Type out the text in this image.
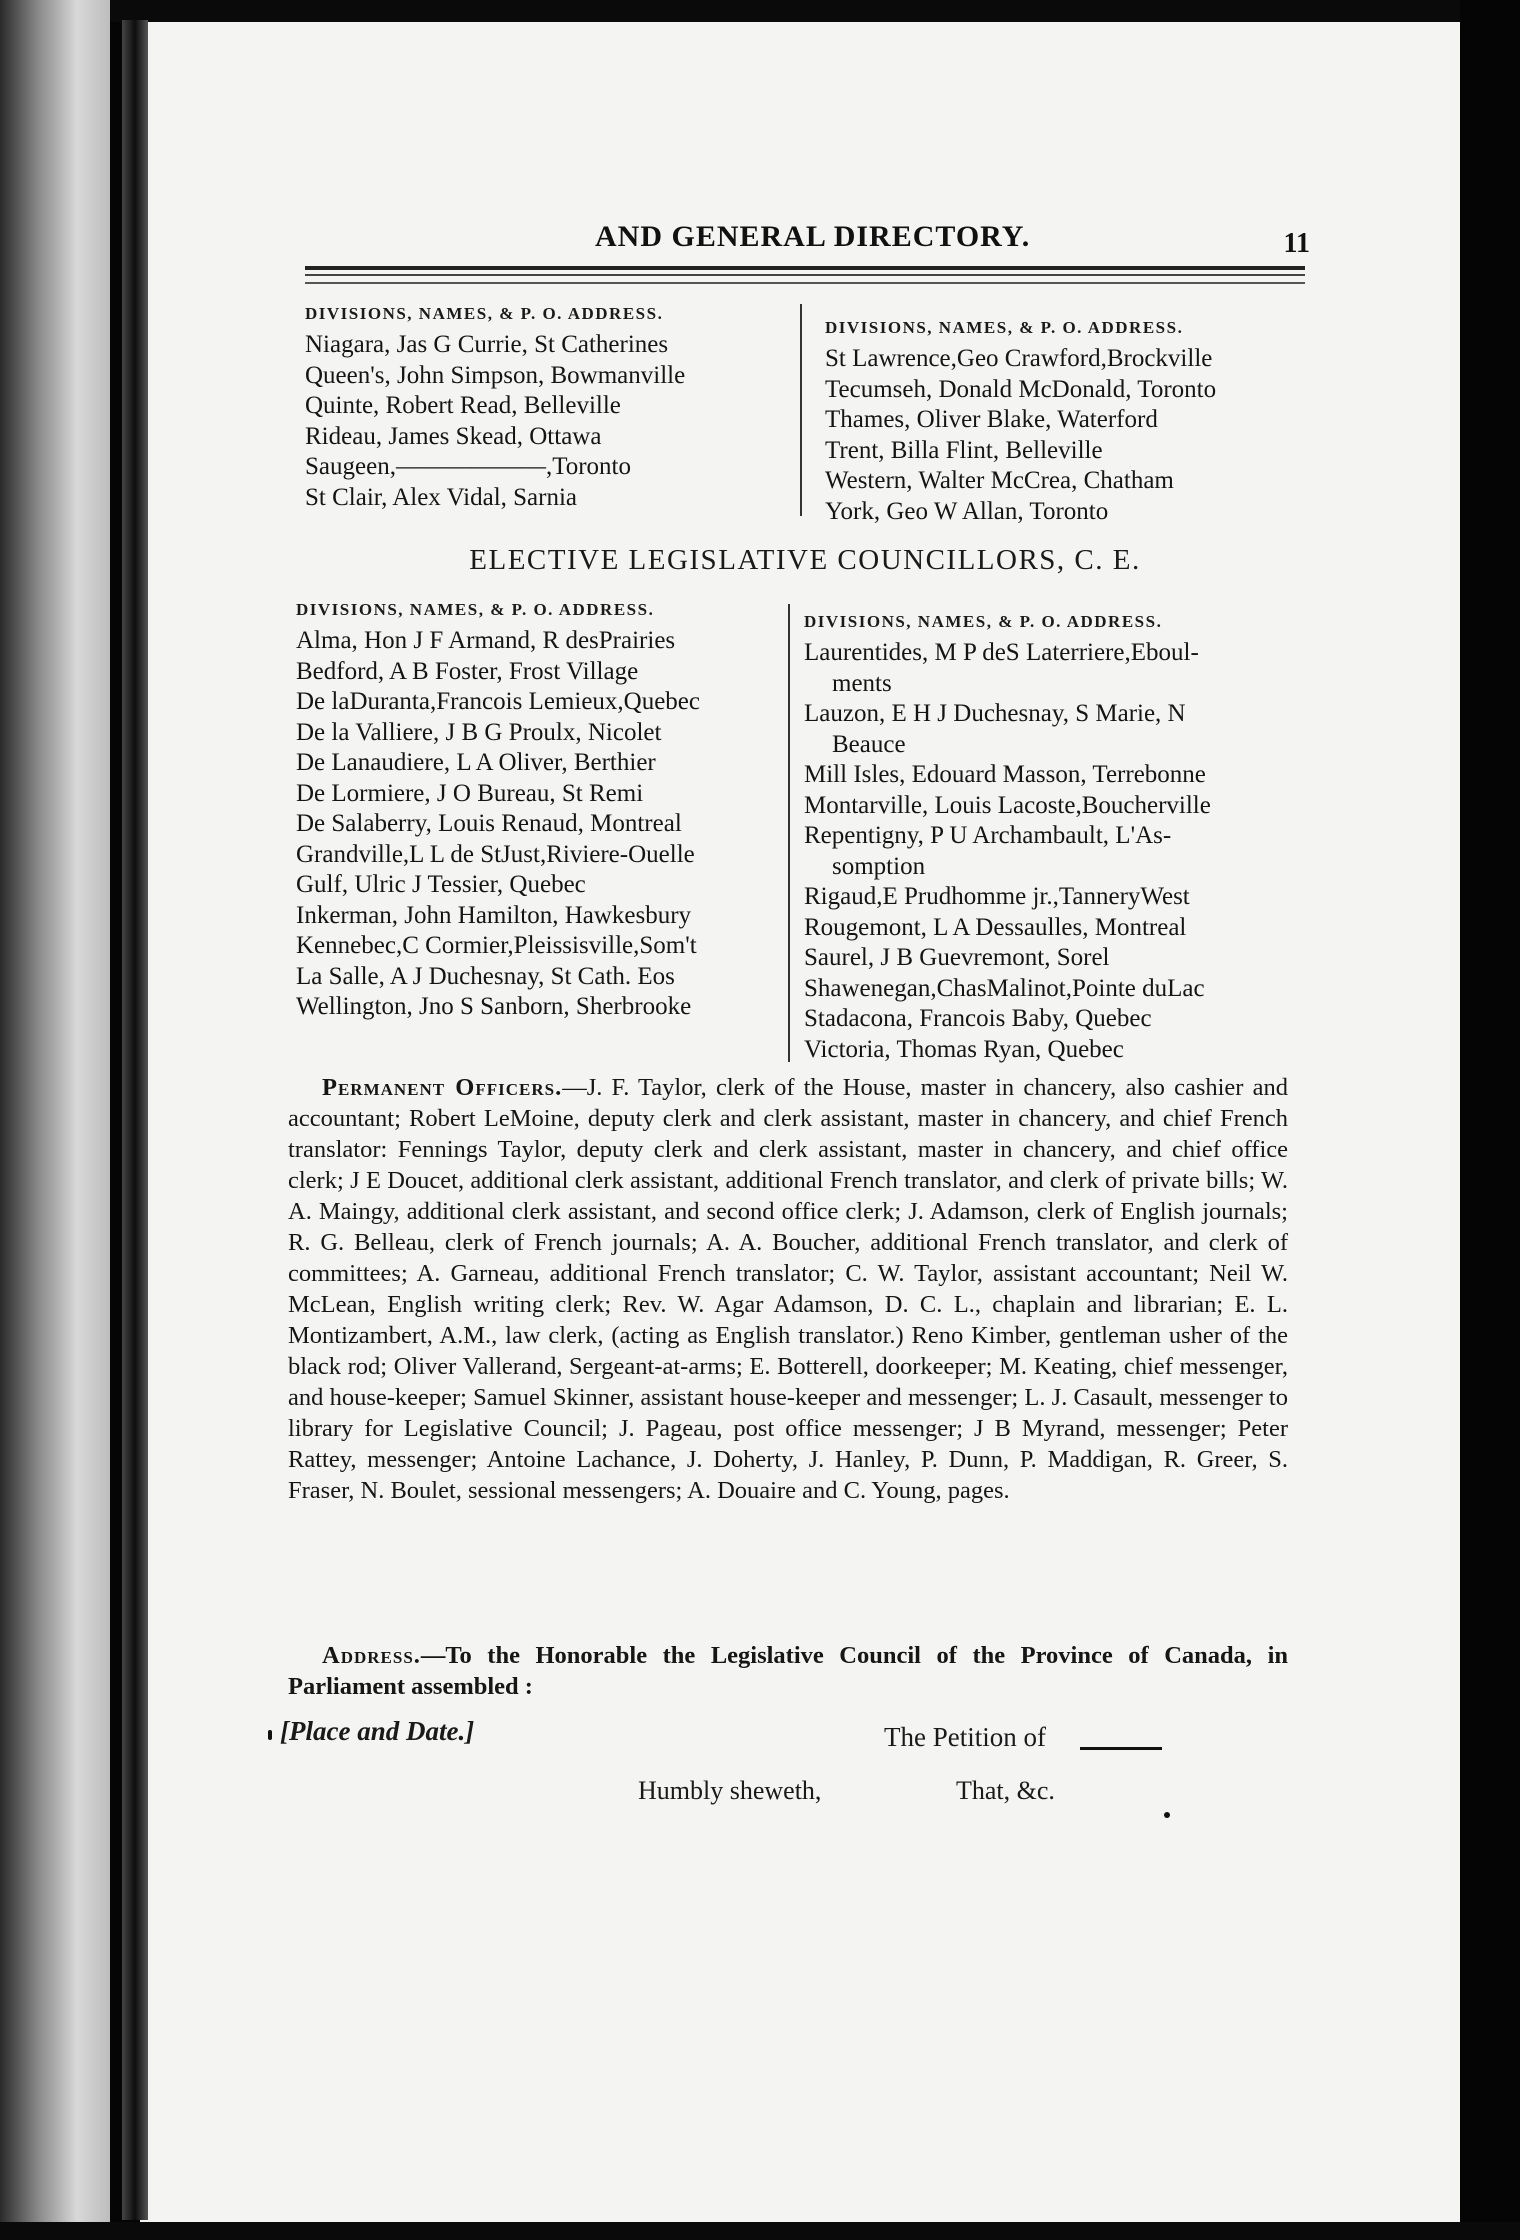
AND GENERAL DIRECTORY.	11
DIVISIONS, NAMES, & P. O. ADDRESS.
Niagara, Jas G Currie, St Catherines
Queen's, John Simpson, Bowmanville
Quinte, Robert Read, Belleville
Rideau, James Skead, Ottawa
Saugeen,——————,Toronto
St Clair, Alex Vidal, Sarnia
DIVISIONS, NAMES, & P. O. ADDRESS.
St Lawrence,Geo Crawford,Brockville
Tecumseh, Donald McDonald, Toronto
Thames, Oliver Blake, Waterford
Trent, Billa Flint, Belleville
Western, Walter McCrea, Chatham
York, Geo W Allan, Toronto
ELECTIVE LEGISLATIVE COUNCILLORS, C. E.
DIVISIONS, NAMES, & P. O. ADDRESS.
Alma, Hon J F Armand, R desPrairies
Bedford, A B Foster, Frost Village
De laDuranta,Francois Lemieux,Quebec
De la Valliere, J B G Proulx, Nicolet
De Lanaudiere, L A Oliver, Berthier
De Lormiere, J O Bureau, St Remi
De Salaberry, Louis Renaud, Montreal
Grandville,L L de StJust,Riviere-Ouelle
Gulf, Ulric J Tessier, Quebec
Inkerman, John Hamilton, Hawkesbury
Kennebec,C Cormier,Pleissisville,Som't
La Salle, A J Duchesnay, St Cath. Eos
Wellington, Jno S Sanborn, Sherbrooke
DIVISIONS, NAMES, & P. O. ADDRESS.
Laurentides, M P deS Laterriere,Eboul-
ments
Lauzon, E H J Duchesnay, S Marie, N
Beauce
Mill Isles, Edouard Masson, Terrebonne
Montarville, Louis Lacoste,Boucherville
Repentigny, P U Archambault, L'As-
somption
Rigaud,E Prudhomme jr.,TanneryWest
Rougemont, L A Dessaulles, Montreal
Saurel, J B Guevremont, Sorel
Shawenegan,ChasMalinot,Pointe duLac
Stadacona, Francois Baby, Quebec
Victoria, Thomas Ryan, Quebec
Permanent Officers.—J. F. Taylor, clerk of the House, master in chancery, also cashier and accountant; Robert LeMoine, deputy clerk and clerk assistant, master in chancery, and chief French translator: Fennings Taylor, deputy clerk and clerk assistant, master in chancery, and chief office clerk; J E Doucet, additional clerk assistant, additional French translator, and clerk of private bills; W. A. Maingy, additional clerk assistant, and second office clerk; J. Adamson, clerk of English journals; R. G. Belleau, clerk of French journals; A. A. Boucher, additional French translator, and clerk of committees; A. Garneau, additional French translator; C. W. Taylor, assistant accountant; Neil W. McLean, English writing clerk; Rev. W. Agar Adamson, D. C. L., chaplain and librarian; E. L. Montizambert, A.M., law clerk, (acting as English translator.) Reno Kimber, gentleman usher of the black rod; Oliver Vallerand, Sergeant-at-arms; E. Botterell, doorkeeper; M. Keating, chief messenger, and house-keeper; Samuel Skinner, assistant house-keeper and messenger; L. J. Casault, messenger to library for Legislative Council; J. Pageau, post office messenger; J B Myrand, messenger; Peter Rattey, messenger; Antoine Lachance, J. Doherty, J. Hanley, P. Dunn, P. Maddigan, R. Greer, S. Fraser, N. Boulet, sessional messengers; A. Douaire and C. Young, pages.
Address.—To the Honorable the Legislative Council of the Province of Canada, in Parliament assembled :
[Place and Date.]	The Petition of
Humbly sheweth,	That, &c.
